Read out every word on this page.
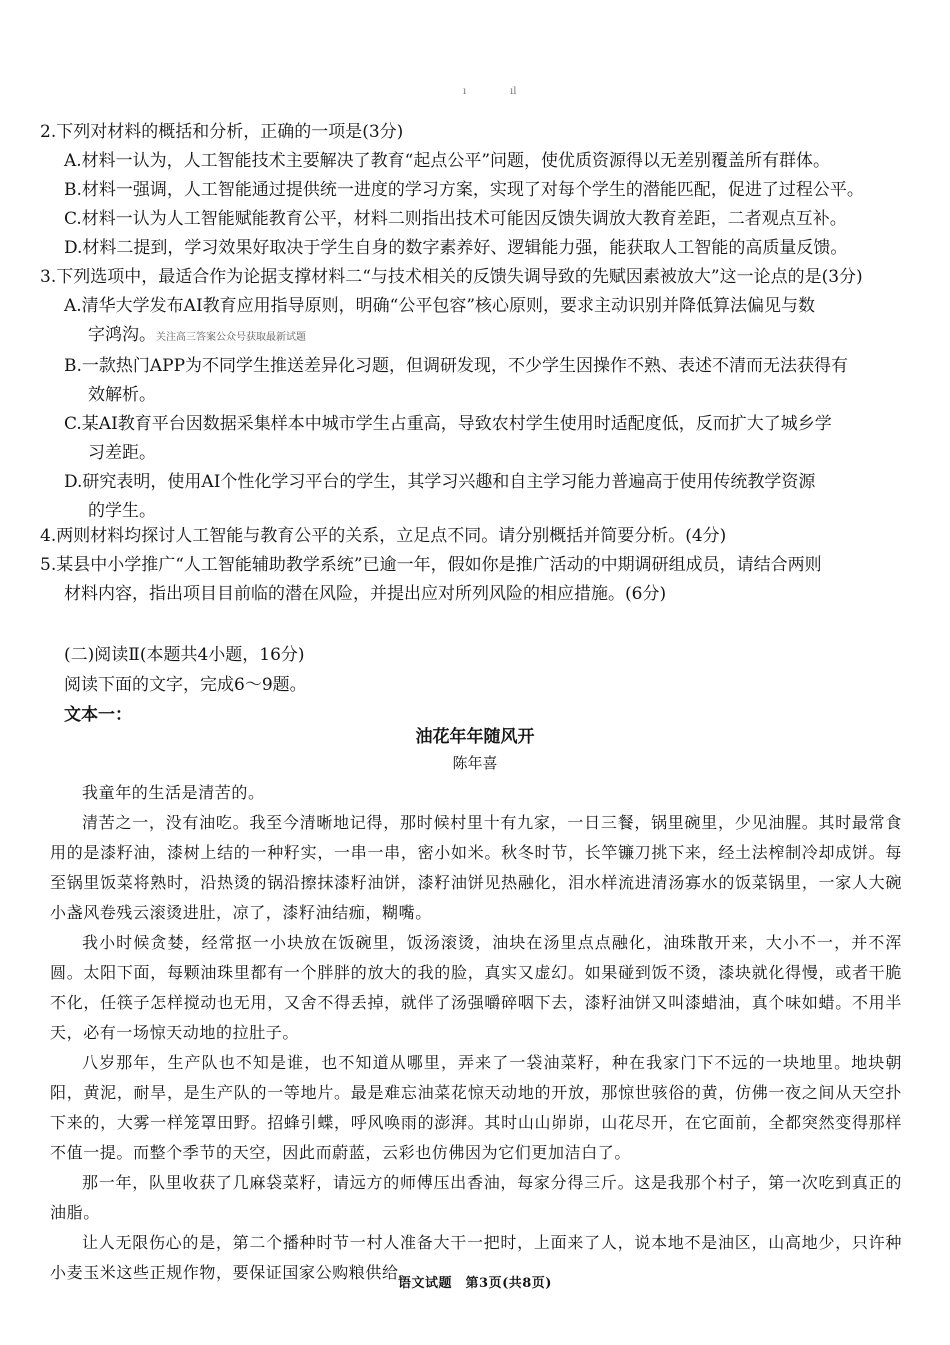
ı	ıl

2.下列对材料的概括和分析，正确的一项是(3分)

A.材料一认为，人工智能技术主要解决了教育“起点公平”问题，使优质资源得以无差别覆盖所有群体。

B.材料一强调，人工智能通过提供统一进度的学习方案，实现了对每个学生的潜能匹配，促进了过程公平。

C.材料一认为人工智能赋能教育公平，材料二则指出技术可能因反馈失调放大教育差距，二者观点互补。

D.材料二提到，学习效果好取决于学生自身的数字素养好、逻辑能力强，能获取人工智能的高质量反馈。

3.下列选项中，最适合作为论据支撑材料二“与技术相关的反馈失调导致的先赋因素被放大”这一论点的是(3分)

A.清华大学发布AI教育应用指导原则，明确“公平包容”核心原则，要求主动识别并降低算法偏见与数
字鸿沟。关注高三答案公众号获取最新试题

B.一款热门APP为不同学生推送差异化习题，但调研发现，不少学生因操作不熟、表述不清而无法获得有
效解析。

C.某AI教育平台因数据采集样本中城市学生占重高，导致农村学生使用时适配度低，反而扩大了城乡学
习差距。

D.研究表明，使用AI个性化学习平台的学生，其学习兴趣和自主学习能力普遍高于使用传统教学资源
的学生。

4.两则材料均探讨人工智能与教育公平的关系，立足点不同。请分别概括并简要分析。(4分)

5.某县中小学推广“人工智能辅助教学系统”已逾一年，假如你是推广活动的中期调研组成员，请结合两则

材料内容，指出项目目前临的潜在风险，并提出应对所列风险的相应措施。(6分)

(二)阅读Ⅱ(本题共4小题，16分)
阅读下面的文字，完成6～9题。
文本一：
油花年年随风开
陈年喜

我童年的生活是清苦的。

清苦之一，没有油吃。我至今清晰地记得，那时候村里十有九家，一日三餐，锅里碗里，少见油腥。其时最常食用的是漆籽油，漆树上结的一种籽实，一串一串，密小如米。秋冬时节，长竿镰刀挑下来，经土法榨制冷却成饼。每至锅里饭菜将熟时，沿热烫的锅沿擦抹漆籽油饼，漆籽油饼见热融化，泪水样流进清汤寡水的饭菜锅里，一家人大碗小盏风卷残云滚烫进肚，凉了，漆籽油结痂，糊嘴。

我小时候贪婪，经常抠一小块放在饭碗里，饭汤滚烫，油块在汤里点点融化，油珠散开来，大小不一，并不浑圆。太阳下面，每颗油珠里都有一个胖胖的放大的我的脸，真实又虚幻。如果碰到饭不烫，漆块就化得慢，或者干脆不化，任筷子怎样搅动也无用，又舍不得丢掉，就伴了汤强嚼碎咽下去，漆籽油饼又叫漆蜡油，真个味如蜡。不用半天，必有一场惊天动地的拉肚子。

八岁那年，生产队也不知是谁，也不知道从哪里，弄来了一袋油菜籽，种在我家门下不远的一块地里。地块朝阳，黄泥，耐旱，是生产队的一等地片。最是难忘油菜花惊天动地的开放，那惊世骇俗的黄，仿佛一夜之间从天空扑下来的，大雾一样笼罩田野。招蜂引蝶，呼风唤雨的澎湃。其时山山峁峁，山花尽开，在它面前，全都突然变得那样不值一提。而整个季节的天空，因此而蔚蓝，云彩也仿佛因为它们更加洁白了。

那一年，队里收获了几麻袋菜籽，请远方的师傅压出香油，每家分得三斤。这是我那个村子，第一次吃到真正的油脂。

让人无限伤心的是，第二个播种时节一村人准备大干一把时，上面来了人，说本地不是油区，山高地少，只许种小麦玉米这些正规作物，要保证国家公购粮供给。

语文试题　第3页(共8页)
